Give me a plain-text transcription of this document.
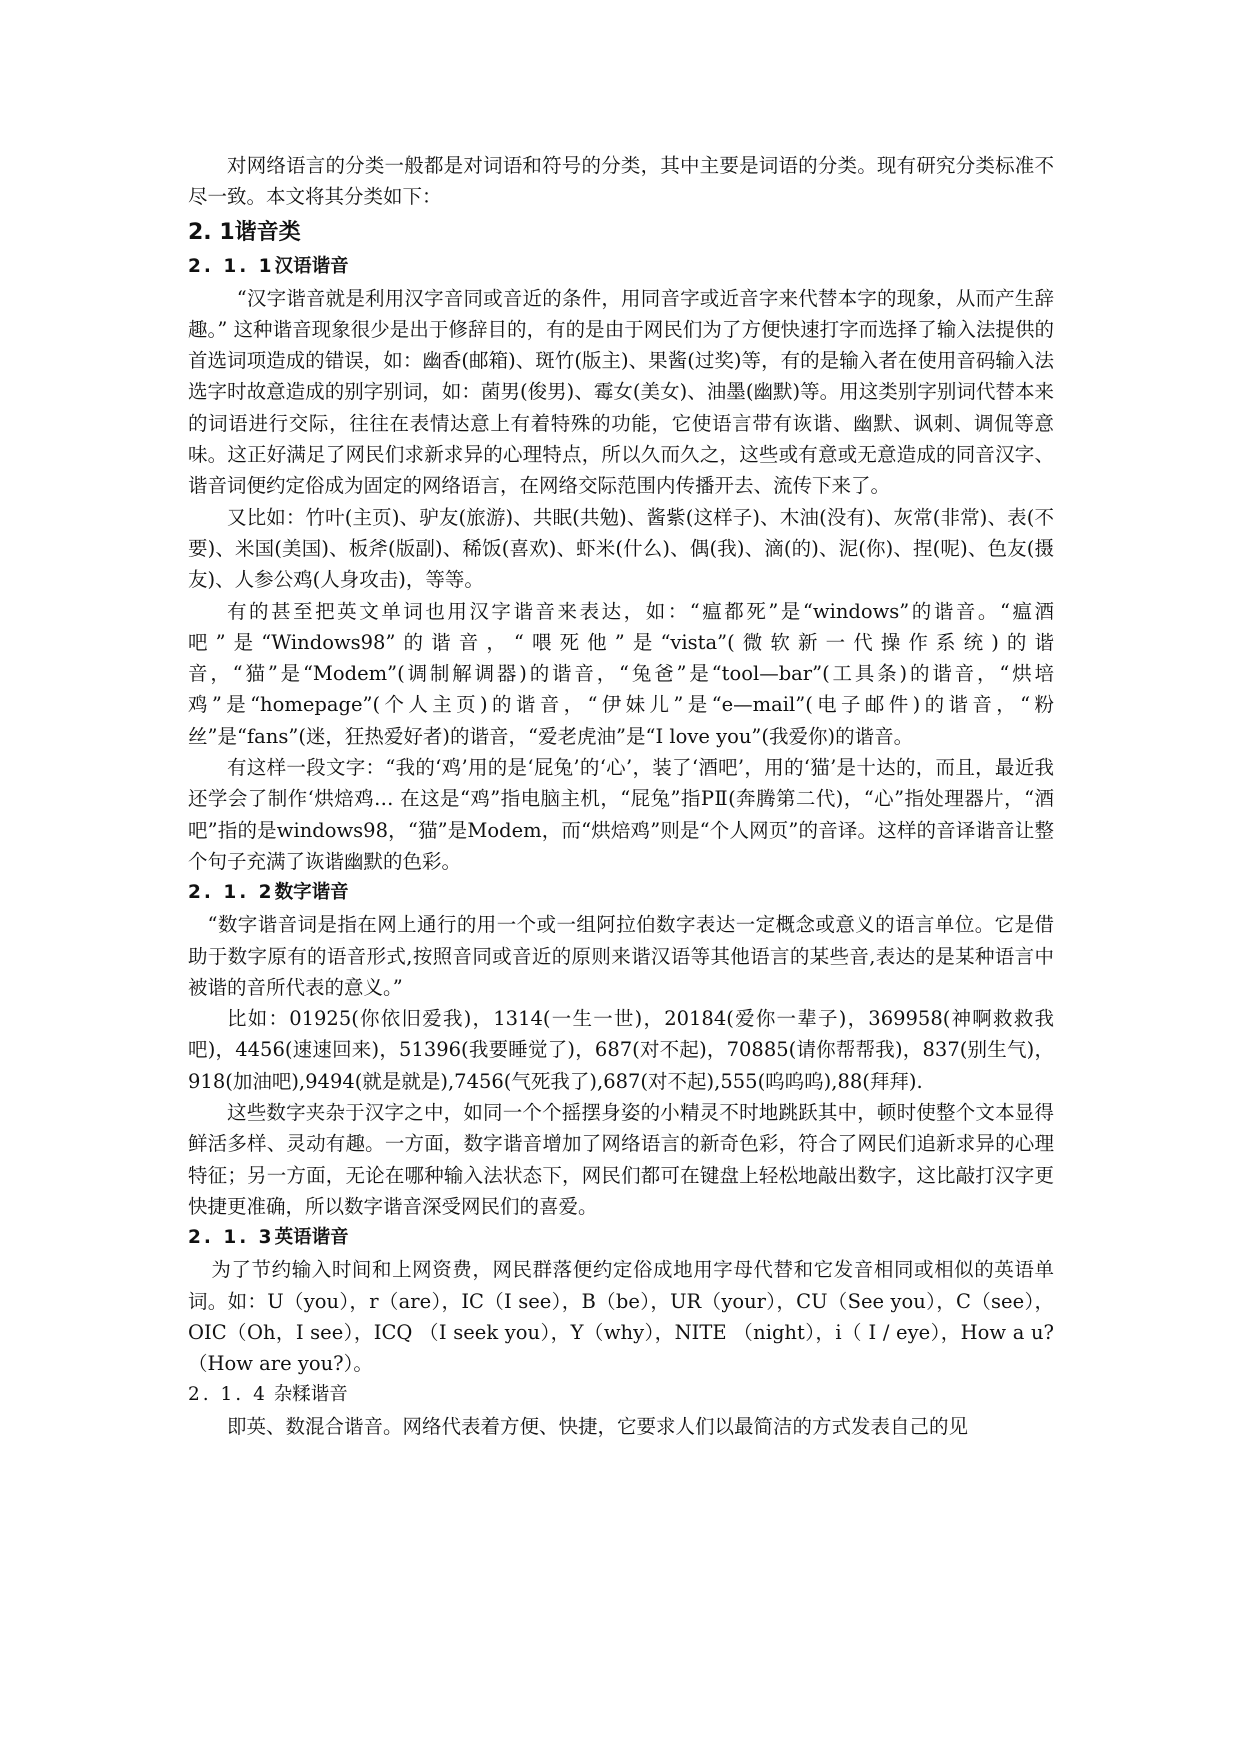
对网络语言的分类一般都是对词语和符号的分类，其中主要是词语的分类。现有研究分类标准不尽一致。本文将其分类如下：

2. 1谐音类
2. 1. 1汉语谐音

“汉字谐音就是利用汉字音同或音近的条件，用同音字或近音字来代替本字的现象，从而产生辞趣。” 这种谐音现象很少是出于修辞目的，有的是由于网民们为了方便快速打字而选择了输入法提供的首选词项造成的错误，如：幽香(邮箱)、斑竹(版主)、果酱(过奖)等，有的是输入者在使用音码输入法选字时故意造成的别字别词，如：菌男(俊男)、霉女(美女)、油墨(幽默)等。用这类别字别词代替本来的词语进行交际，往往在表情达意上有着特殊的功能，它使语言带有诙谐、幽默、讽刺、调侃等意味。这正好满足了网民们求新求异的心理特点，所以久而久之，这些或有意或无意造成的同音汉字、谐音词便约定俗成为固定的网络语言，在网络交际范围内传播开去、流传下来了。

又比如：竹叶(主页)、驴友(旅游)、共眠(共勉)、酱紫(这样子)、木油(没有)、灰常(非常)、表(不要)、米国(美国)、板斧(版副)、稀饭(喜欢)、虾米(什么)、偶(我)、滴(的)、泥(你)、捏(呢)、色友(摄友)、人参公鸡(人身攻击)，等等。

有的甚至把英文单词也用汉字谐音来表达，如：“瘟都死”是“windows”的谐音。“瘟酒吧”是“Windows98”的谐音，“喂死他”是“vista”(微软新一代操作系统)的谐音，“猫”是“Modem”(调制解调器)的谐音，“兔爸”是“tool—bar”(工具条)的谐音，“烘培鸡”是“homepage”(个人主页)的谐音，“伊妹儿”是“e—mail”(电子邮件)的谐音，“粉丝”是“fans”(迷，狂热爱好者)的谐音，“爱老虎油”是“I love you”(我爱你)的谐音。

有这样一段文字：“我的‘鸡’用的是‘屁兔’的‘心’，装了‘酒吧’，用的‘猫’是十达的，而且，最近我还学会了制作‘烘焙鸡… 在这是“鸡”指电脑主机，“屁兔”指PⅡ(奔腾第二代)，“心”指处理器片，“酒吧”指的是windows98，“猫”是Modem，而“烘焙鸡”则是“个人网页”的音译。这样的音译谐音让整个句子充满了诙谐幽默的色彩。

2. 1. 2数字谐音

“数字谐音词是指在网上通行的用一个或一组阿拉伯数字表达一定概念或意义的语言单位。它是借助于数字原有的语音形式,按照音同或音近的原则来谐汉语等其他语言的某些音,表达的是某种语言中被谐的音所代表的意义。”

比如：01925(你依旧爱我)，1314(一生一世)，20184(爱你一辈子)，369958(神啊救救我吧)，4456(速速回来)，51396(我要睡觉了)，687(对不起)，70885(请你帮帮我)，837(别生气)，918(加油吧),9494(就是就是),7456(气死我了),687(对不起),555(呜呜呜),88(拜拜).

这些数字夹杂于汉字之中，如同一个个摇摆身姿的小精灵不时地跳跃其中，顿时使整个文本显得鲜活多样、灵动有趣。一方面，数字谐音增加了网络语言的新奇色彩，符合了网民们追新求异的心理特征；另一方面，无论在哪种输入法状态下，网民们都可在键盘上轻松地敲出数字，这比敲打汉字更快捷更准确，所以数字谐音深受网民们的喜爱。

2. 1. 3英语谐音

为了节约输入时间和上网资费，网民群落便约定俗成地用字母代替和它发音相同或相似的英语单词。如：U（you），r（are），IC（I see），B（be），UR（your），CU（See you），C（see），OIC（Oh，I see），ICQ （I seek you），Y（why），NITE （night），i（ I / eye），How a u? （How are you?）。

2. 1. 4 杂糅谐音

即英、数混合谐音。网络代表着方便、快捷，它要求人们以最简洁的方式发表自己的见
